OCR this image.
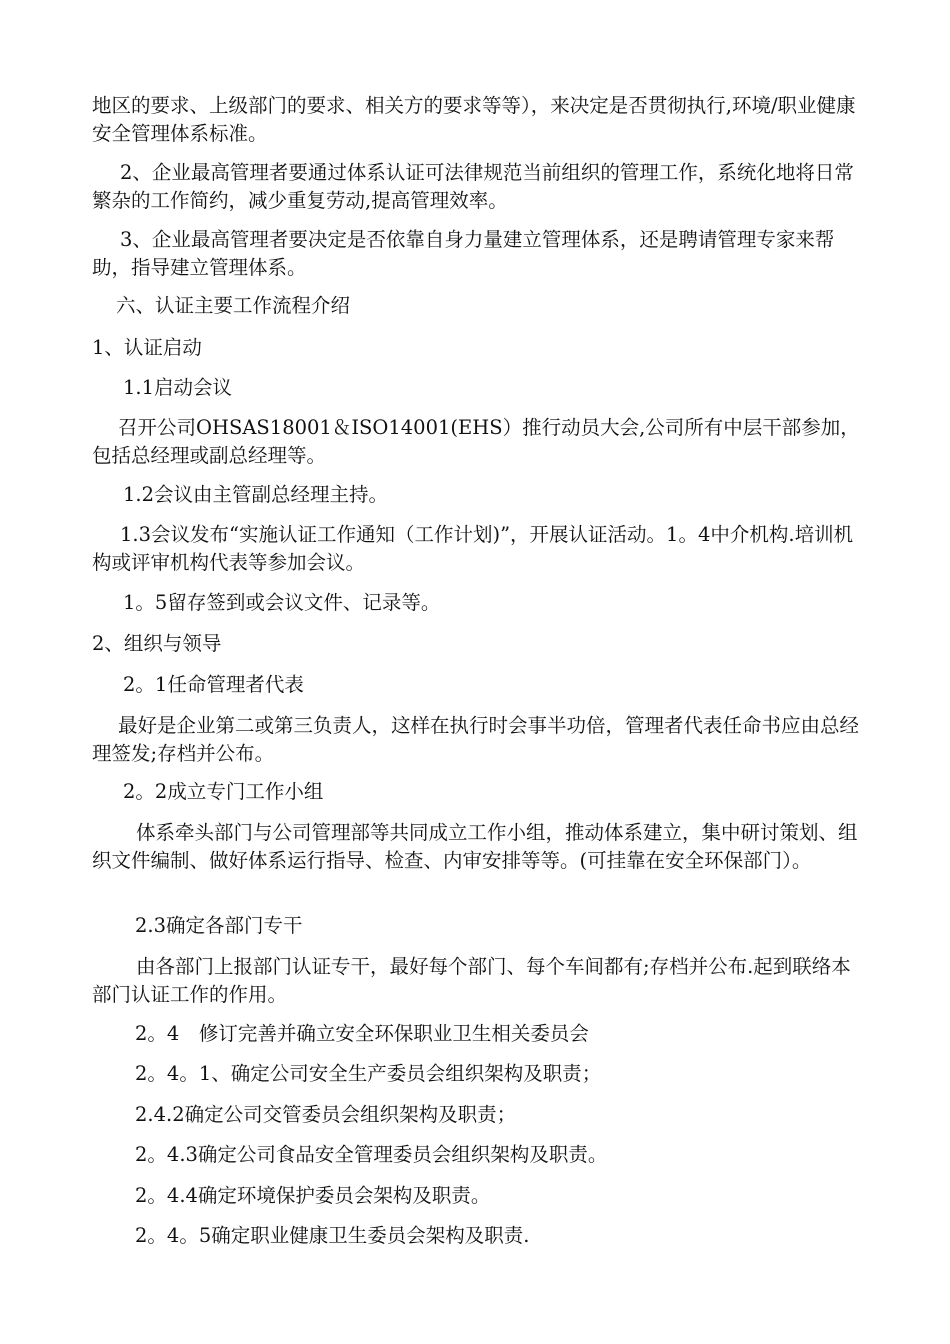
地区的要求、上级部门的要求、相关方的要求等等），来决定是否贯彻执行,环境/职业健康安全管理体系标准。

2、企业最高管理者要通过体系认证可法律规范当前组织的管理工作，系统化地将日常繁杂的工作简约，减少重复劳动,提高管理效率。

3、企业最高管理者要决定是否依靠自身力量建立管理体系，还是聘请管理专家来帮助，指导建立管理体系。

六、认证主要工作流程介绍

1、认证启动

1.1启动会议

召开公司OHSAS18001＆ISO14001(EHS）推行动员大会,公司所有中层干部参加，包括总经理或副总经理等。

1.2会议由主管副总经理主持。

1.3会议发布“实施认证工作通知（工作计划)”，开展认证活动。1。4中介机构.培训机构或评审机构代表等参加会议。

1。5留存签到或会议文件、记录等。

2、组织与领导

2。1任命管理者代表

最好是企业第二或第三负责人，这样在执行时会事半功倍，管理者代表任命书应由总经理签发;存档并公布。

2。2成立专门工作小组

体系牵头部门与公司管理部等共同成立工作小组，推动体系建立，集中研讨策划、组织文件编制、做好体系运行指导、检查、内审安排等等。(可挂靠在安全环保部门）。

2.3确定各部门专干

由各部门上报部门认证专干，最好每个部门、每个车间都有;存档并公布.起到联络本部门认证工作的作用。

2。4　修订完善并确立安全环保职业卫生相关委员会

2。4。1、确定公司安全生产委员会组织架构及职责；

2.4.2确定公司交管委员会组织架构及职责；

2。4.3确定公司食品安全管理委员会组织架构及职责。

2。4.4确定环境保护委员会架构及职责。

2。4。5确定职业健康卫生委员会架构及职责.
